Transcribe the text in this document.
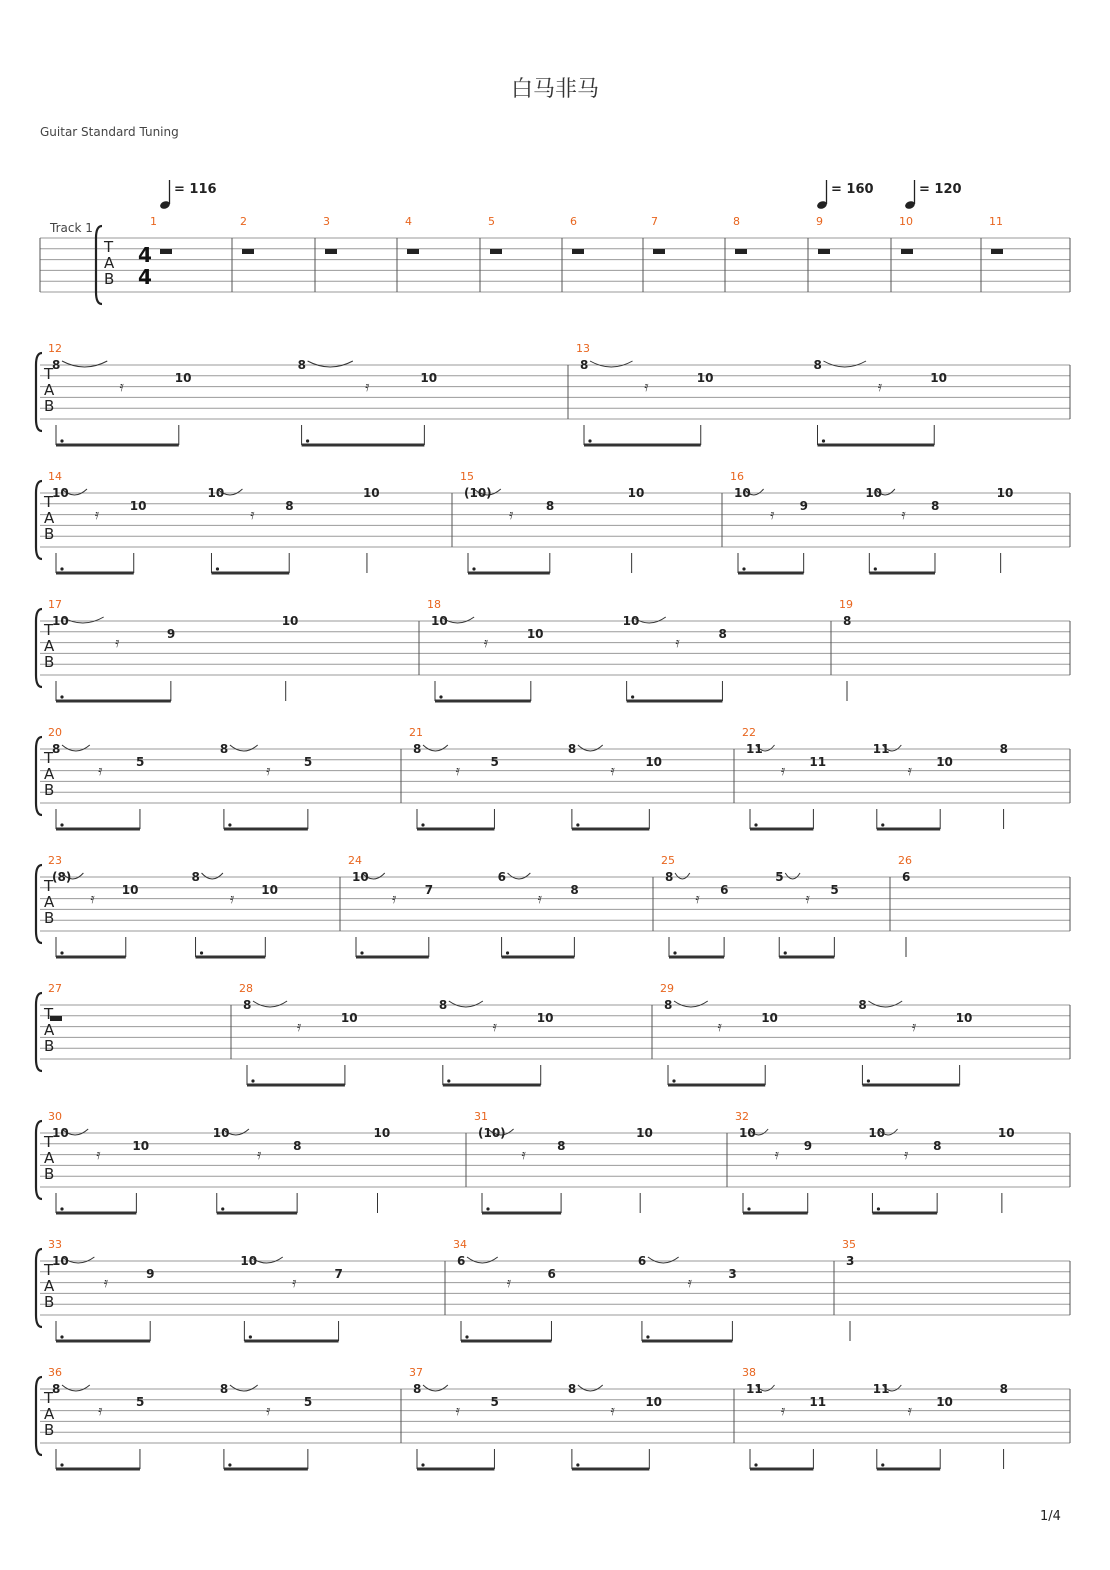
白马非马
Guitar Standard Tuning
1/4
T
A
B
4
4
Track 1	1	2	3	4	5	6	7	8	9	10	11
T
A
B
12
8
𝄿
10
8
𝄿
10
13
8
𝄿
10
8
𝄿
10
T
A
B
14
10
𝄿
10
10
𝄿
8
10
15
(10)
𝄿
8
10
16
10
𝄿
9
10
𝄿
8
10
T
A
B
17
10
𝄿
9
10
18
10
𝄿
10
10
𝄿
8
19
8
T
A
B
20
8
𝄿
5
8
𝄿
5
21
8
𝄿
5
8
𝄿
10
22
11
𝄿
11
11
𝄿
10
8
T
A
B
23
(8)
𝄿
10
8
𝄿
10
24
10
𝄿
7
6
𝄿
8
25
8
𝄿
6
5
𝄿
5
26
6
T
A
B
27	28
8
𝄿
10
8
𝄿
10
29
8
𝄿
10
8
𝄿
10
T
A
B
30
10
𝄿
10
10
𝄿
8
10
31
(10)
𝄿
8
10
32
10
𝄿
9
10
𝄿
8
10
T
A
B
33
10
𝄿
9
10
𝄿
7
34
6
𝄿
6
6
𝄿
3
35
3
T
A
B
36
8
𝄿
5
8
𝄿
5
37
8
𝄿
5
8
𝄿
10
38
11
𝄿
11
11
𝄿
10
8
= 116	= 160	= 120
